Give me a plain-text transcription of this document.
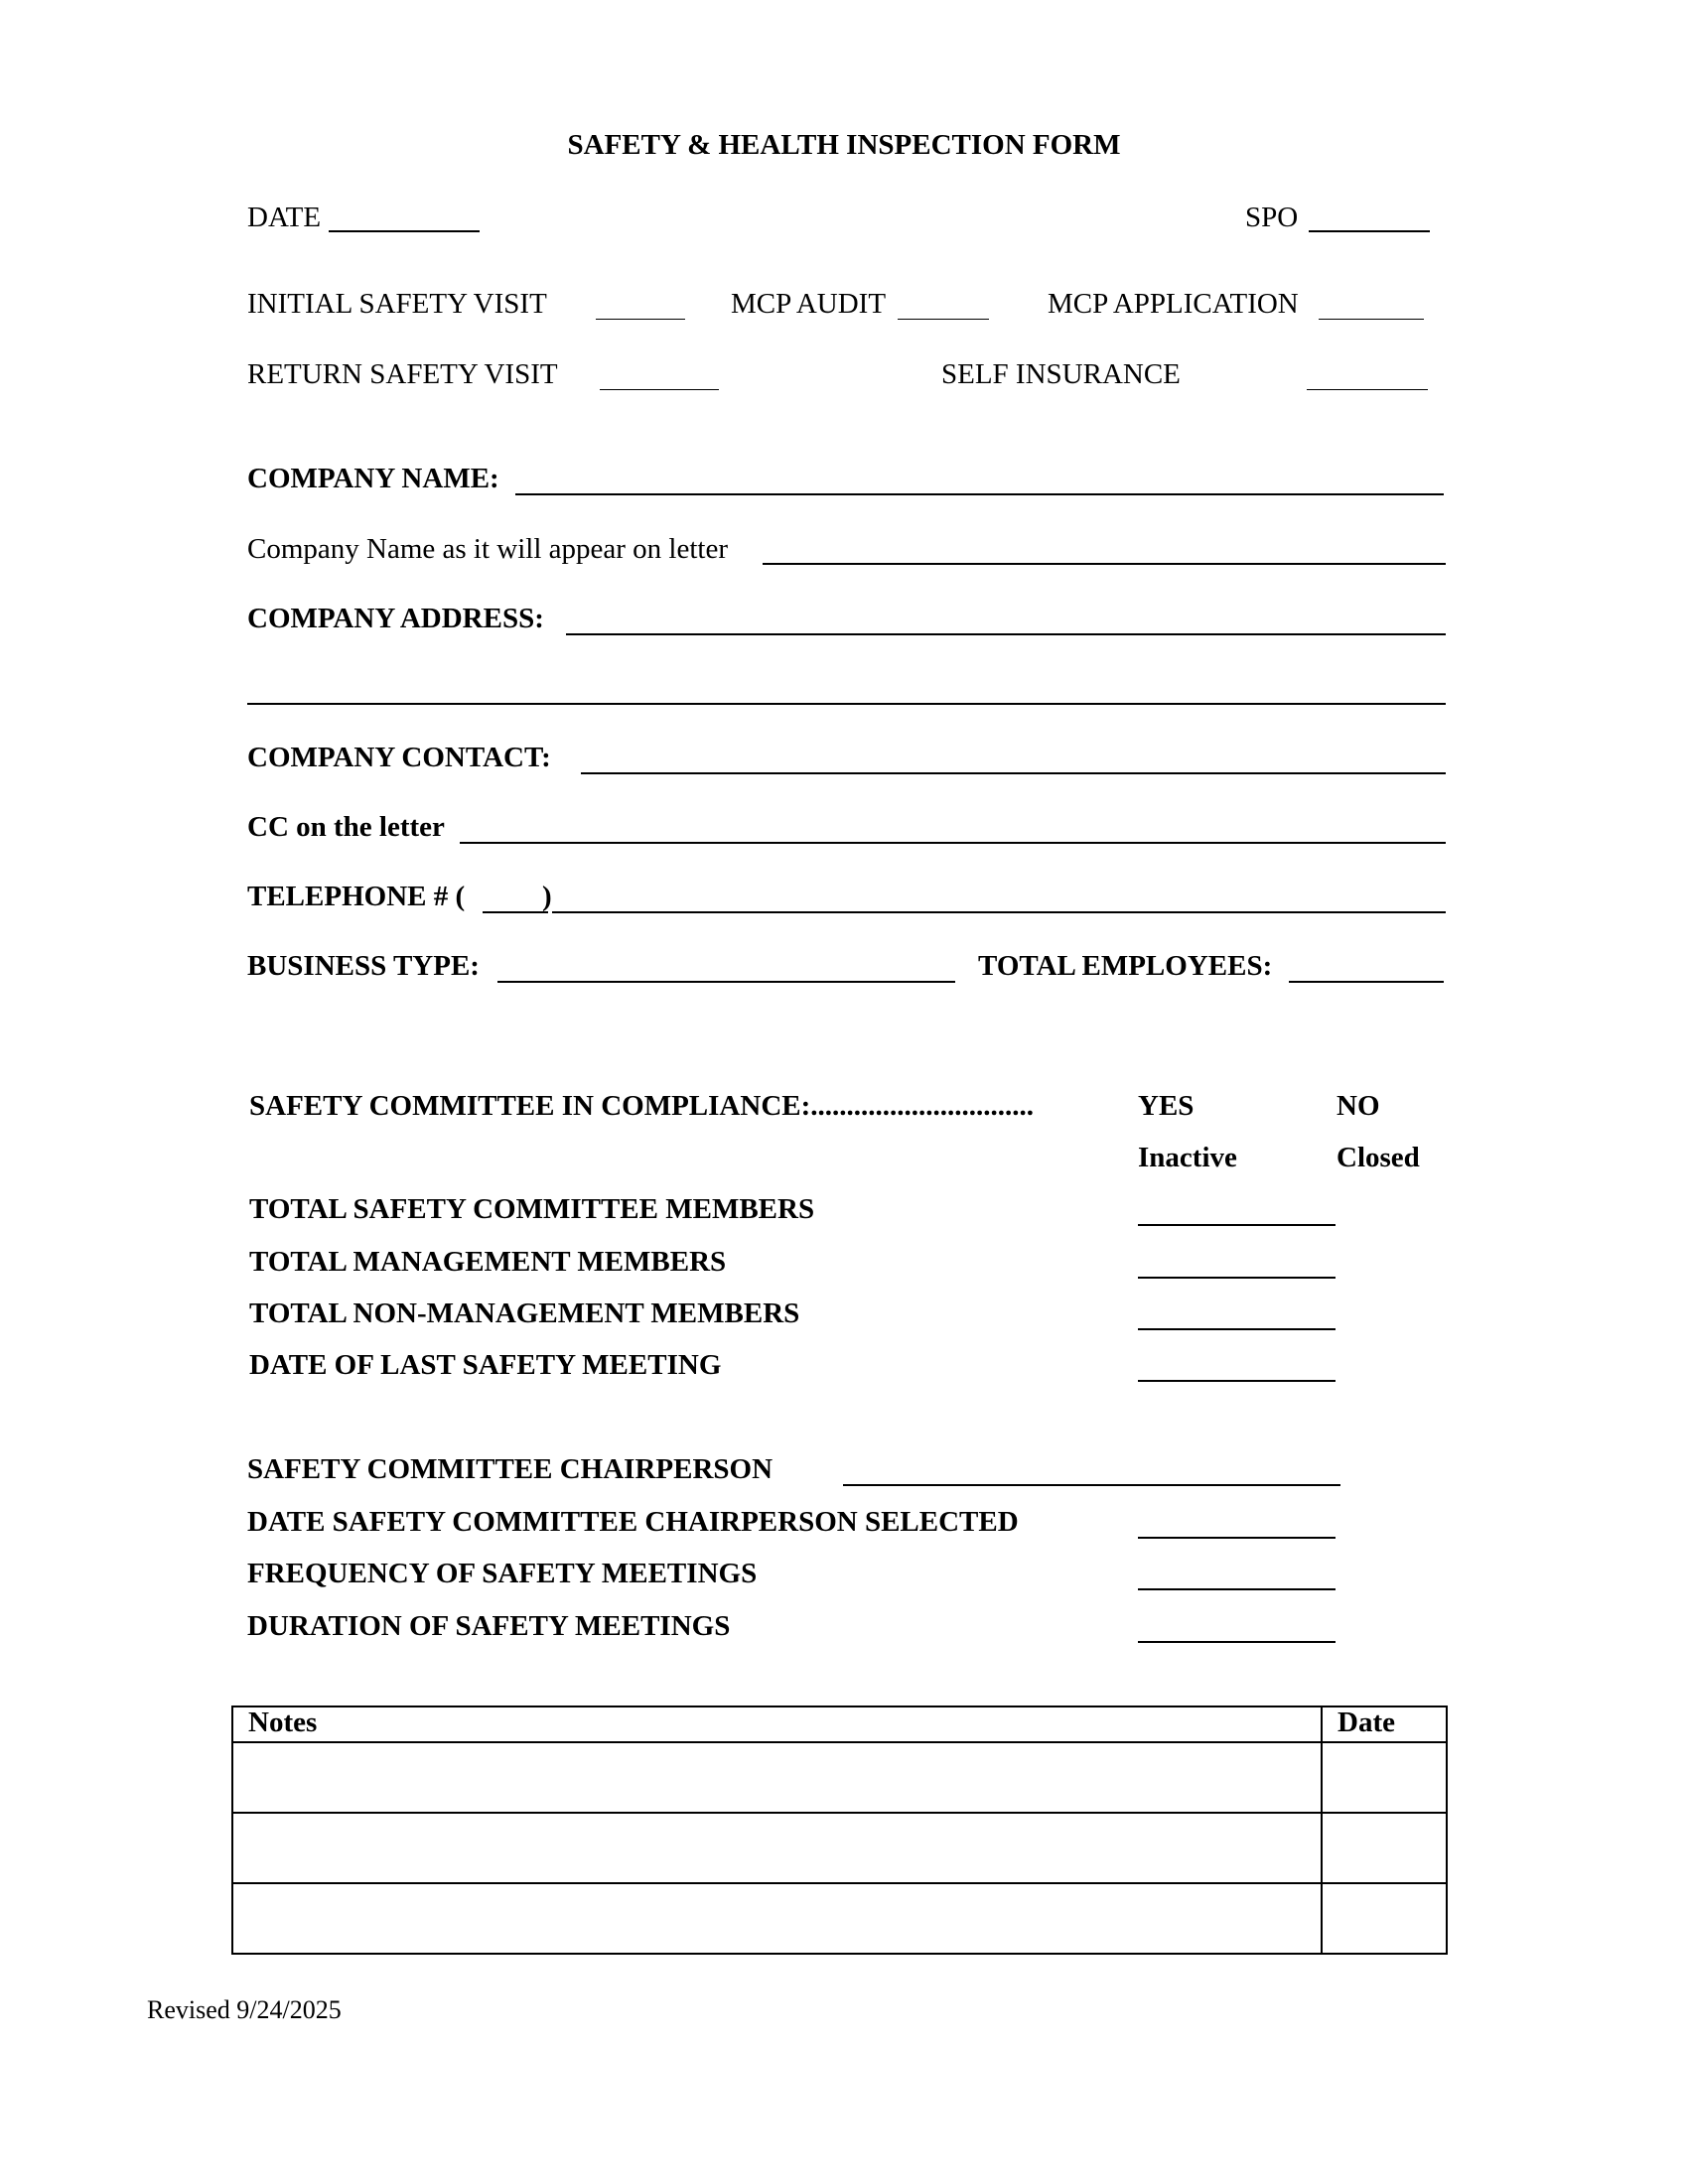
SAFETY & HEALTH INSPECTION FORM
DATE	SPO
INITIAL SAFETY VISIT	MCP AUDIT	MCP APPLICATION
RETURN SAFETY VISIT	SELF INSURANCE
COMPANY NAME:
Company Name as it will appear on letter
COMPANY ADDRESS:
COMPANY CONTACT:
CC on the letter
TELEPHONE # (	)
BUSINESS TYPE:	TOTAL EMPLOYEES:
SAFETY COMMITTEE IN COMPLIANCE:...............................	YES	NO
Inactive	Closed
TOTAL SAFETY COMMITTEE MEMBERS
TOTAL MANAGEMENT MEMBERS
TOTAL NON-MANAGEMENT MEMBERS
DATE OF LAST SAFETY MEETING
SAFETY COMMITTEE CHAIRPERSON
DATE SAFETY COMMITTEE CHAIRPERSON SELECTED
FREQUENCY OF SAFETY MEETINGS
DURATION OF SAFETY MEETINGS
Notes	Date

Revised 9/24/2025
